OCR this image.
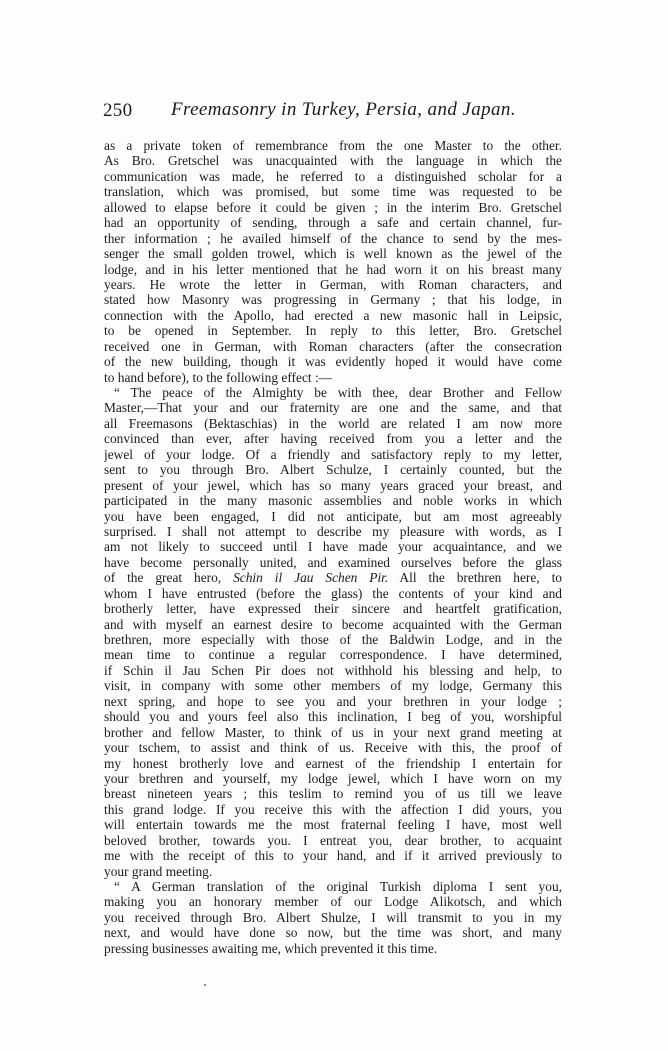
250 Freemasonry in Turkey, Persia, and Japan.
as a private token of remembrance from the one Master to the other.
As Bro. Gretschel was unacquainted with the language in which the
communication was made, he referred to a distinguished scholar for a
translation, which was promised, but some time was requested to be
allowed to elapse before it could be given ; in the interim Bro. Gretschel
had an opportunity of sending, through a safe and certain channel, fur-
ther information ; he availed himself of the chance to send by the mes-
senger the small golden trowel, which is well known as the jewel of the
lodge, and in his letter mentioned that he had worn it on his breast many
years. He wrote the letter in German, with Roman characters, and
stated how Masonry was progressing in Germany ; that his lodge, in
connection with the Apollo, had erected a new masonic hall in Leipsic,
to be opened in September. In reply to this letter, Bro. Gretschel
received one in German, with Roman characters (after the consecration
of the new building, though it was evidently hoped it would have come
to hand before), to the following effect :—
“ The peace of the Almighty be with thee, dear Brother and Fellow
Master,—That your and our fraternity are one and the same, and that
all Freemasons (Bektaschias) in the world are related I am now more
convinced than ever, after having received from you a letter and the
jewel of your lodge. Of a friendly and satisfactory reply to my letter,
sent to you through Bro. Albert Schulze, I certainly counted, but the
present of your jewel, which has so many years graced your breast, and
participated in the many masonic assemblies and noble works in which
you have been engaged, I did not anticipate, but am most agreeably
surprised. I shall not attempt to describe my pleasure with words, as I
am not likely to succeed until I have made your acquaintance, and we
have become personally united, and examined ourselves before the glass
of the great hero, Schin il Jau Schen Pir. All the brethren here, to
whom I have entrusted (before the glass) the contents of your kind and
brotherly letter, have expressed their sincere and heartfelt gratification,
and with myself an earnest desire to become acquainted with the German
brethren, more especially with those of the Baldwin Lodge, and in the
mean time to continue a regular correspondence. I have determined,
if Schin il Jau Schen Pir does not withhold his blessing and help, to
visit, in company with some other members of my lodge, Germany this
next spring, and hope to see you and your brethren in your lodge ;
should you and yours feel also this inclination, I beg of you, worshipful
brother and fellow Master, to think of us in your next grand meeting at
your tschem, to assist and think of us. Receive with this, the proof of
my honest brotherly love and earnest of the friendship I entertain for
your brethren and yourself, my lodge jewel, which I have worn on my
breast nineteen years ; this teslim to remind you of us till we leave
this grand lodge. If you receive this with the affection I did yours, you
will entertain towards me the most fraternal feeling I have, most well
beloved brother, towards you. I entreat you, dear brother, to acquaint
me with the receipt of this to your hand, and if it arrived previously to
your grand meeting.
“ A German translation of the original Turkish diploma I sent you,
making you an honorary member of our Lodge Alikotsch, and which
you received through Bro. Albert Shulze, I will transmit to you in my
next, and would have done so now, but the time was short, and many
pressing businesses awaiting me, which prevented it this time.
